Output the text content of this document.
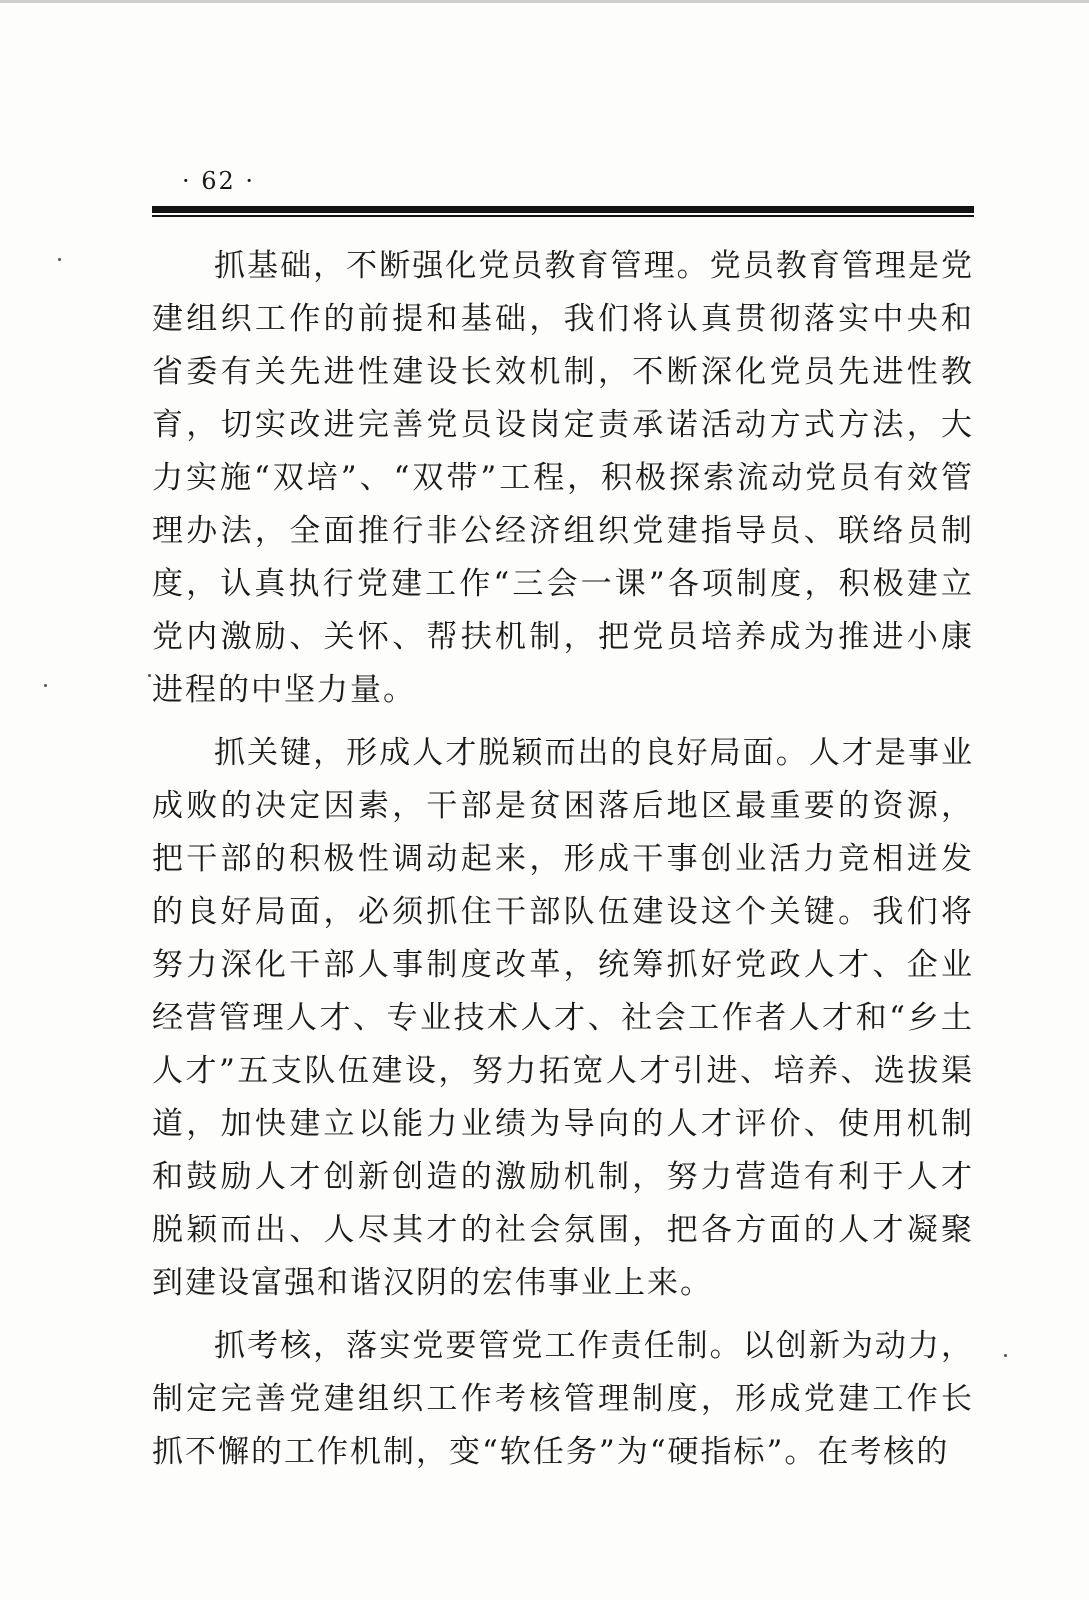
· 62 ·

抓基础，不断强化党员教育管理。党员教育管理是党建组织工作的前提和基础，我们将认真贯彻落实中央和省委有关先进性建设长效机制，不断深化党员先进性教育，切实改进完善党员设岗定责承诺活动方式方法，大力实施“双培”、“双带”工程，积极探索流动党员有效管理办法，全面推行非公经济组织党建指导员、联络员制度，认真执行党建工作“三会一课”各项制度，积极建立党内激励、关怀、帮扶机制，把党员培养成为推进小康进程的中坚力量。

抓关键，形成人才脱颖而出的良好局面。人才是事业成败的决定因素，干部是贫困落后地区最重要的资源，把干部的积极性调动起来，形成干事创业活力竞相迸发的良好局面，必须抓住干部队伍建设这个关键。我们将努力深化干部人事制度改革，统筹抓好党政人才、企业经营管理人才、专业技术人才、社会工作者人才和“乡土人才”五支队伍建设，努力拓宽人才引进、培养、选拔渠道，加快建立以能力业绩为导向的人才评价、使用机制和鼓励人才创新创造的激励机制，努力营造有利于人才脱颖而出、人尽其才的社会氛围，把各方面的人才凝聚到建设富强和谐汉阴的宏伟事业上来。

抓考核，落实党要管党工作责任制。以创新为动力，制定完善党建组织工作考核管理制度，形成党建工作长抓不懈的工作机制，变“软任务”为“硬指标”。在考核的
